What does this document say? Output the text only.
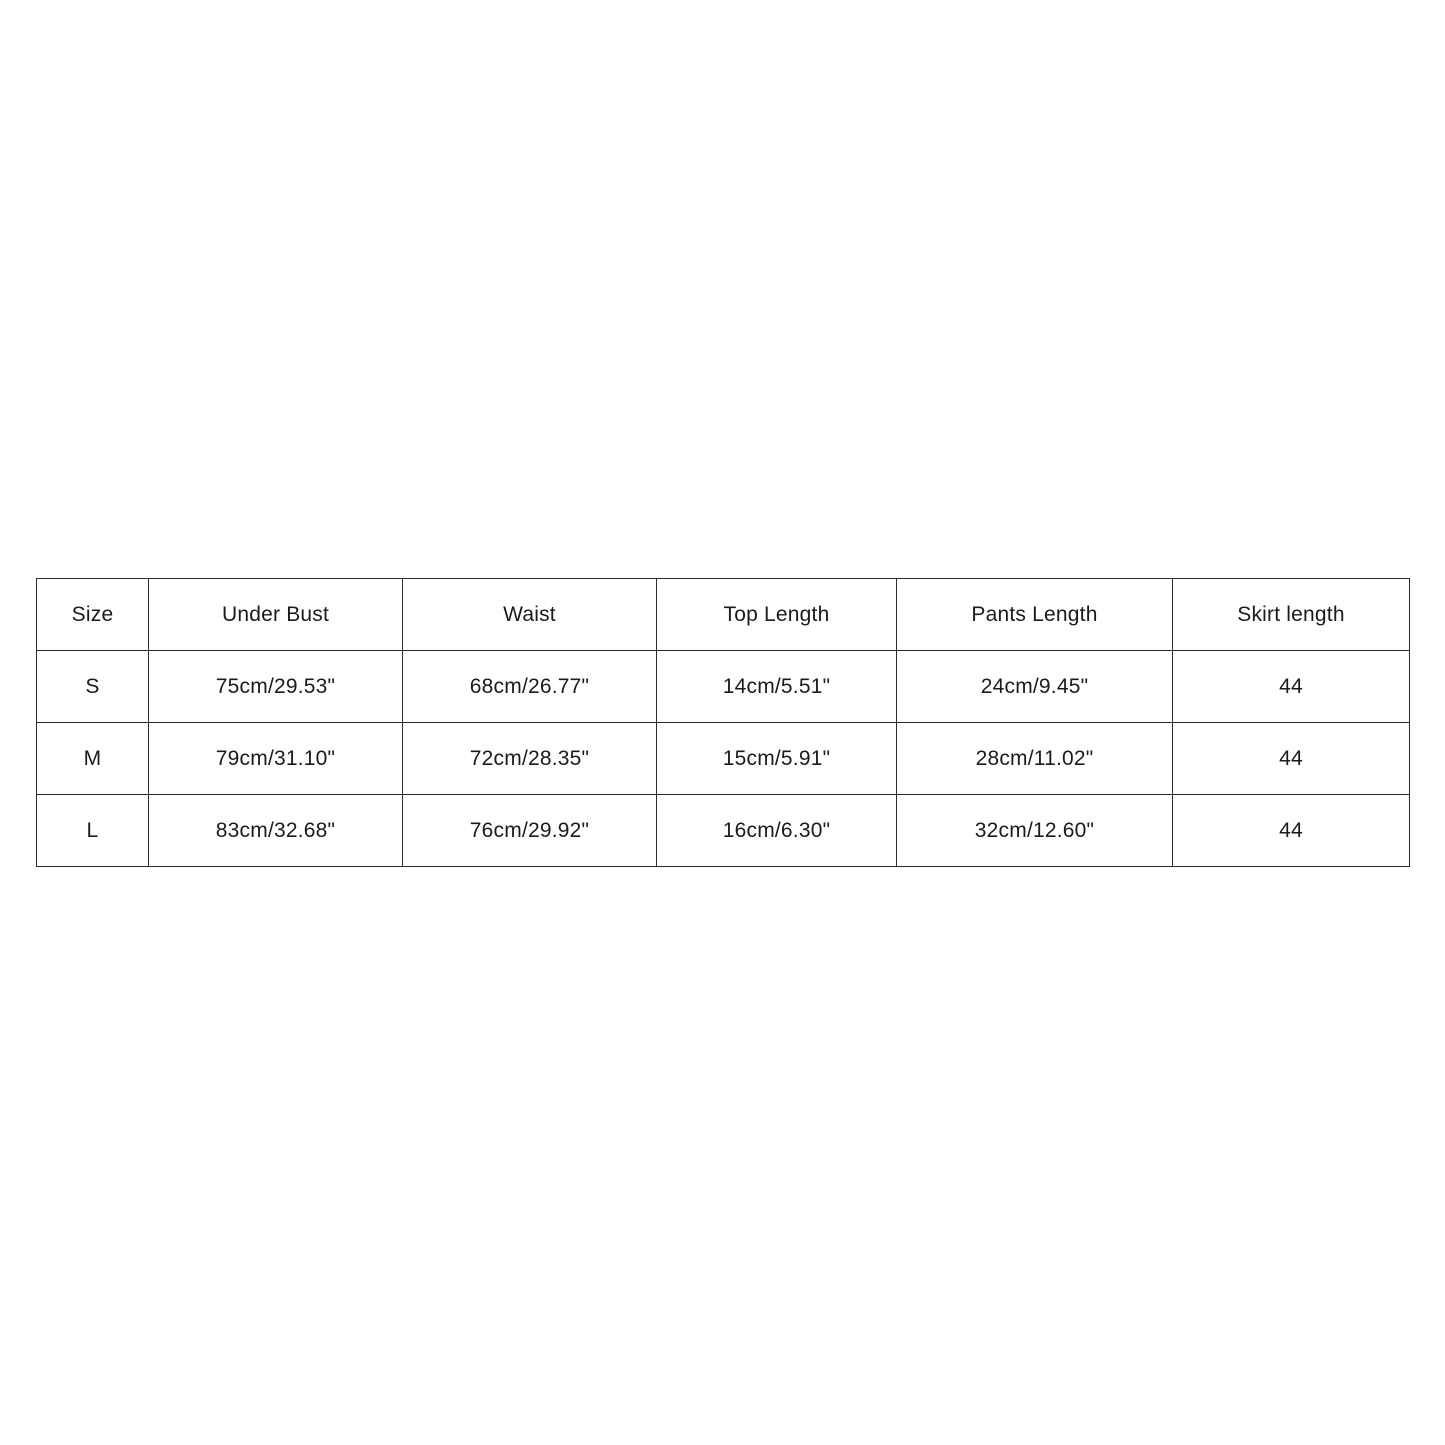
Size	Under Bust	Waist	Top Length	Pants Length	Skirt length
S	75cm/29.53"	68cm/26.77"	14cm/5.51"	24cm/9.45"	44
M	79cm/31.10"	72cm/28.35"	15cm/5.91"	28cm/11.02"	44
L	83cm/32.68"	76cm/29.92"	16cm/6.30"	32cm/12.60"	44
